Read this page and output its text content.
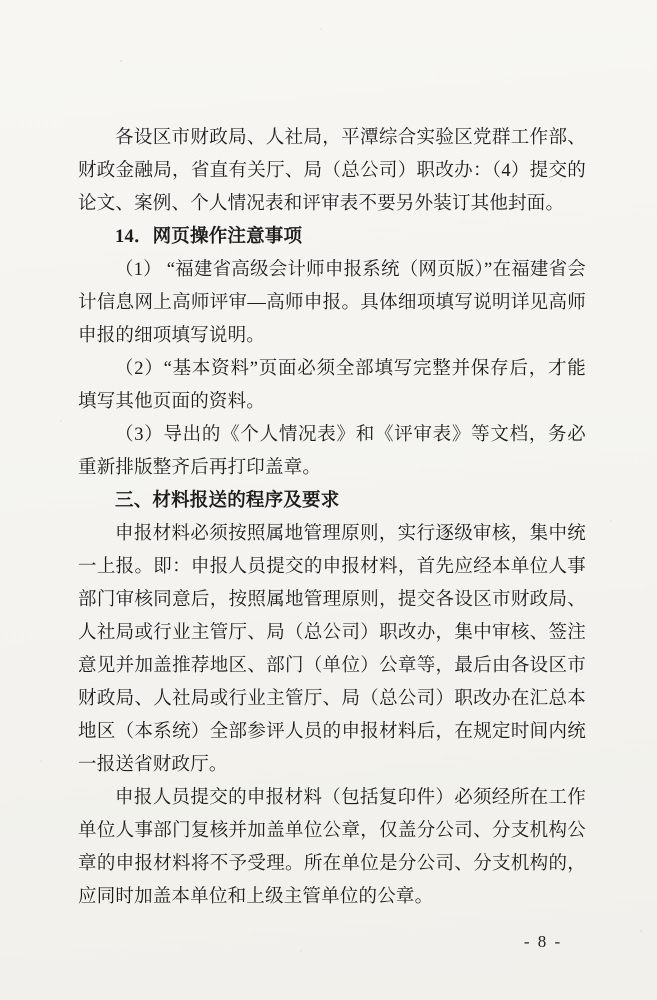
各设区市财政局、人社局，平潭综合实验区党群工作部、财政金融局，省直有关厅、局（总公司）职改办：（4）提交的论文、案例、个人情况表和评审表不要另外装订其他封面。

14．网页操作注意事项

（1） “福建省高级会计师申报系统（网页版）”在福建省会计信息网上高师评审—高师申报。具体细项填写说明详见高师申报的细项填写说明。

（2）“基本资料”页面必须全部填写完整并保存后，才能填写其他页面的资料。

（3）导出的《个人情况表》和《评审表》等文档，务必重新排版整齐后再打印盖章。

三、材料报送的程序及要求

申报材料必须按照属地管理原则，实行逐级审核，集中统一上报。即：申报人员提交的申报材料，首先应经本单位人事部门审核同意后，按照属地管理原则，提交各设区市财政局、人社局或行业主管厅、局（总公司）职改办，集中审核、签注意见并加盖推荐地区、部门（单位）公章等，最后由各设区市财政局、人社局或行业主管厅、局（总公司）职改办在汇总本地区（本系统）全部参评人员的申报材料后，在规定时间内统一报送省财政厅。

申报人员提交的申报材料（包括复印件）必须经所在工作单位人事部门复核并加盖单位公章，仅盖分公司、分支机构公章的申报材料将不予受理。所在单位是分公司、分支机构的，应同时加盖本单位和上级主管单位的公章。

- 8 -
